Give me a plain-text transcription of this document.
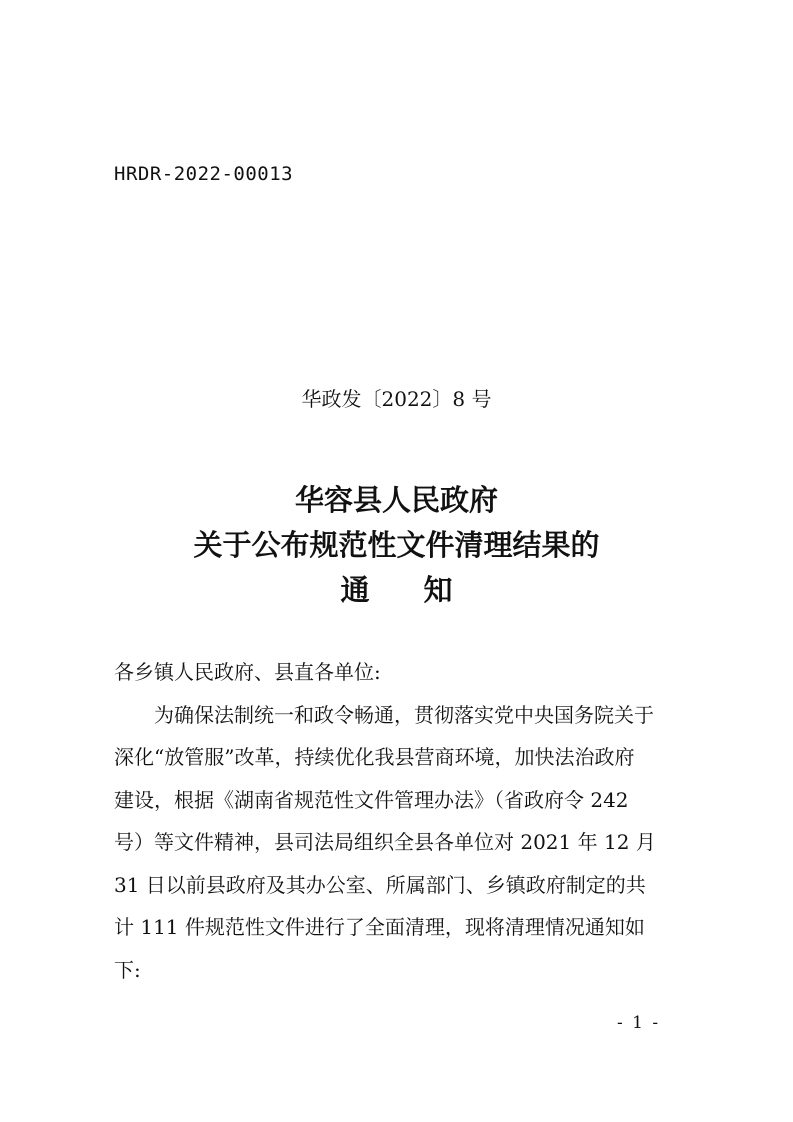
HRDR-2022-00013
华政发〔2022〕8 号
华容县人民政府
关于公布规范性文件清理结果的
通知
各乡镇人民政府、县直各单位:
为确保法制统一和政令畅通，贯彻落实党中央国务院关于
深化“放管服”改革，持续优化我县营商环境，加快法治政府
建设，根据《湖南省规范性文件管理办法》（省政府令 242
号）等文件精神，县司法局组织全县各单位对 2021 年 12 月
31 日以前县政府及其办公室、所属部门、乡镇政府制定的共
计 111 件规范性文件进行了全面清理，现将清理情况通知如
下:
- 1 -
